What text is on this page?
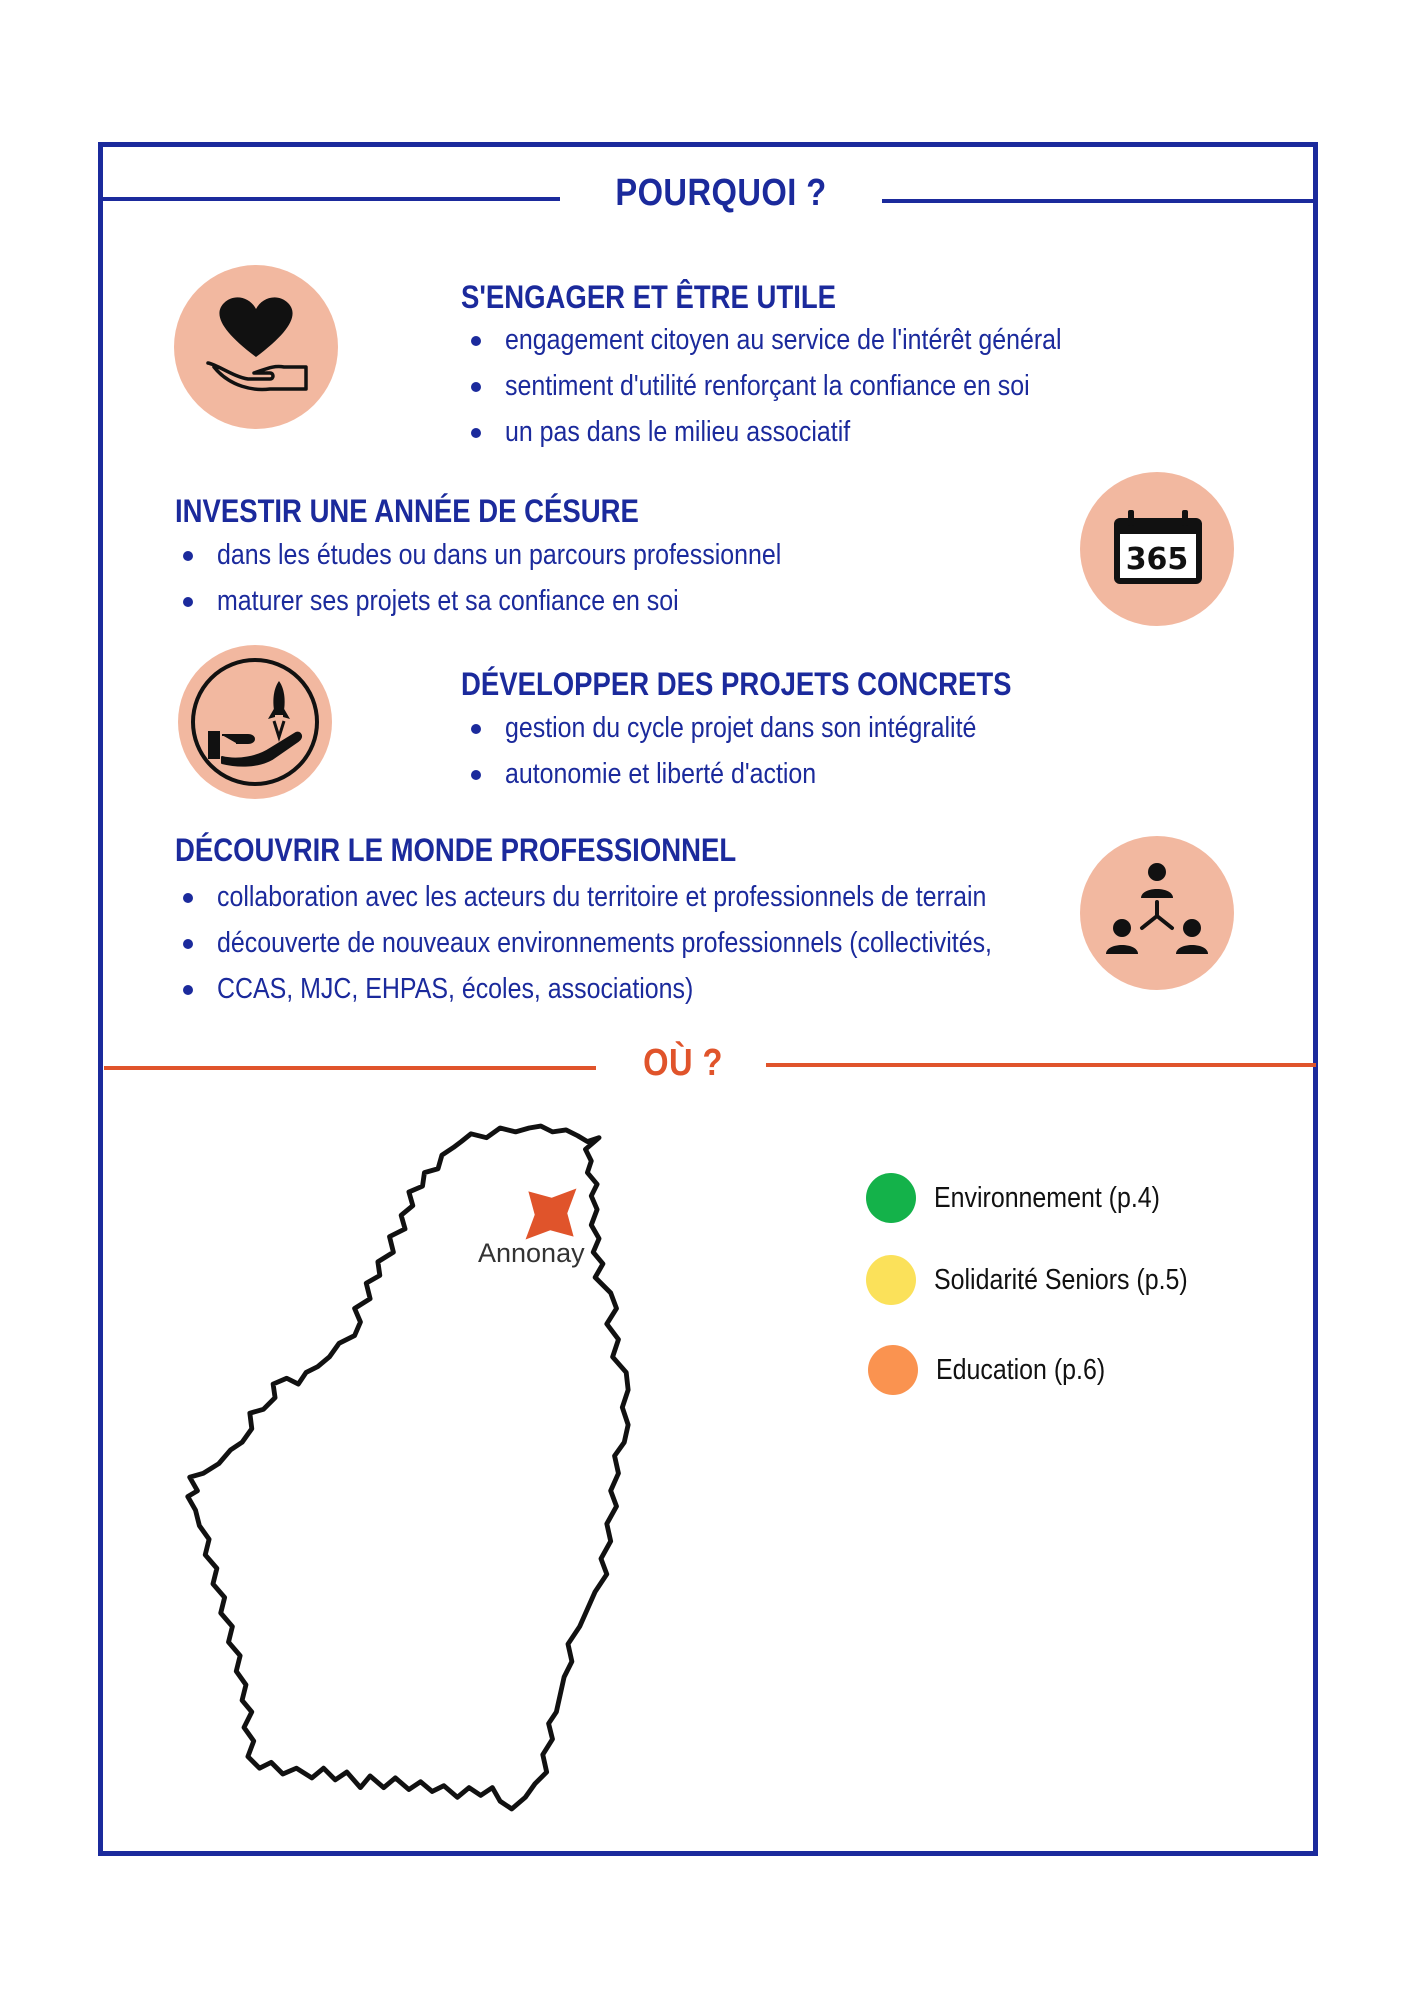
POURQUOI ?
S'ENGAGER ET ÊTRE UTILE
engagement citoyen au service de l'intérêt général
sentiment d'utilité renforçant la confiance en soi
un pas dans le milieu associatif
INVESTIR UNE ANNÉE DE CÉSURE
dans les études ou dans un parcours professionnel
maturer ses projets et sa confiance en soi
365
DÉVELOPPER DES PROJETS CONCRETS
gestion du cycle projet dans son intégralité
autonomie et liberté d'action
DÉCOUVRIR LE MONDE PROFESSIONNEL
collaboration avec les acteurs du territoire et professionnels de terrain
découverte de nouveaux environnements professionnels (collectivités,
CCAS, MJC, EHPAS, écoles, associations)
OÙ ?
Annonay
Environnement (p.4)
Solidarité Seniors (p.5)
Education (p.6)
